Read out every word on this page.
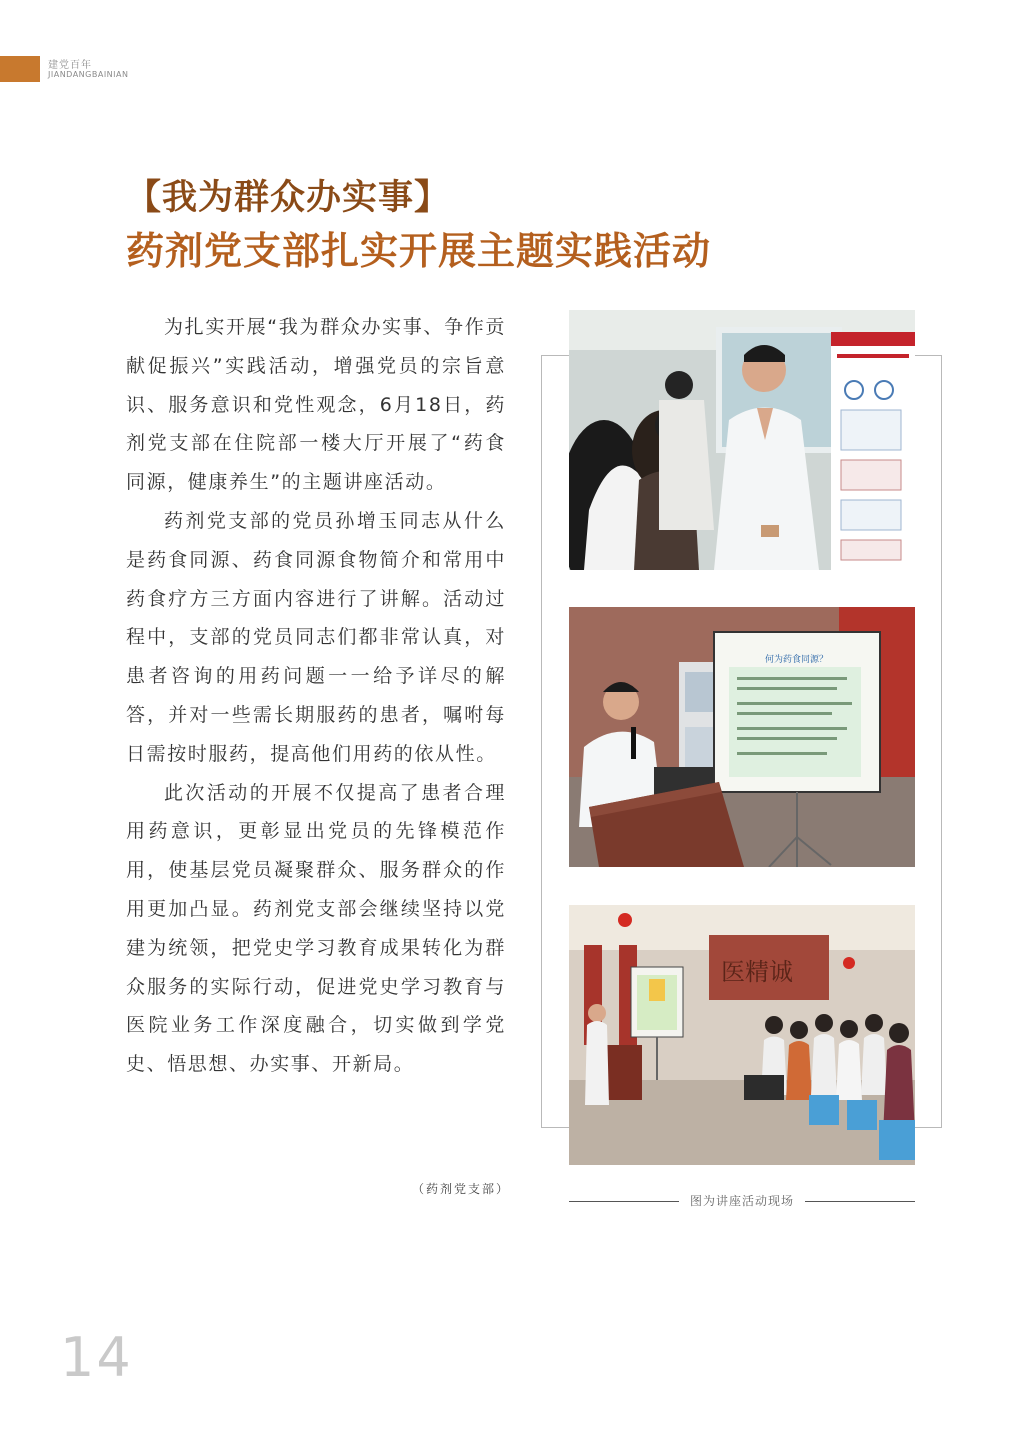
建党百年
JIANDANGBAINIAN
【我为群众办实事】
药剂党支部扎实开展主题实践活动

为扎实开展“我为群众办实事、争作贡献促振兴”实践活动，增强党员的宗旨意识、服务意识和党性观念，6月18日，药剂党支部在住院部一楼大厅开展了“药食同源，健康养生”的主题讲座活动。

药剂党支部的党员孙增玉同志从什么是药食同源、药食同源食物简介和常用中药食疗方三方面内容进行了讲解。活动过程中，支部的党员同志们都非常认真，对患者咨询的用药问题一一给予详尽的解答，并对一些需长期服药的患者，嘱咐每日需按时服药，提高他们用药的依从性。

此次活动的开展不仅提高了患者合理用药意识，更彰显出党员的先锋模范作用，使基层党员凝聚群众、服务群众的作用更加凸显。药剂党支部会继续坚持以党建为统领，把党史学习教育成果转化为群众服务的实际行动，促进党史学习教育与医院业务工作深度融合，切实做到学党史、悟思想、办实事、开新局。

（药剂党支部）
何为药食同源？
医精诚
图为讲座活动现场
14
